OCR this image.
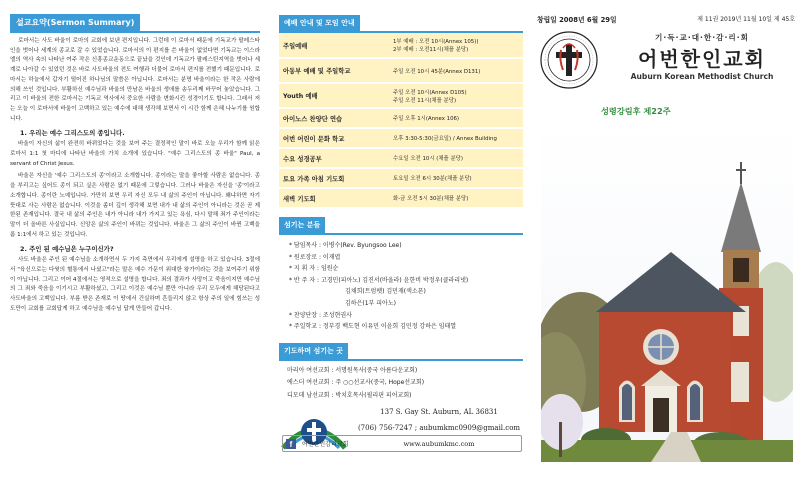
설교요약(Sermon Summary)

로마서는 사도 바울이 로마의 교회에 보낸 편지입니다. 그런데 이 로마서 때문에 기독교가 팔레스타인을 벗어나 세계의 종교로 갈 수 있었습니다. 로마서의 이 편지를 쓴 바울이 없었다면 기독교는 이스라엘의 역사 속의 나타난 여주 작은 신흥종교운동으로 끝났을 것인데 기독교가 팔레스틴지역을 벗어나 세계로 나아갈 수 있었던 것은 바로 사도바울의 전도 여행과 더불어 로마서 편지를 전했기 때문입니다. 로마서는 하늘에서 갑자기 떨어진 하나님의 말씀은 아닙니다. 로마서는 분명 바울이라는 한 작은 사람에 의해 쓰인 것입니다. 부활하신 예수님과 바울의 만남은 바울의 생애를 송두리째 바꾸어 놓았습니다. 그리고 이 바울의 전한 로마서는 기독교 역사에서 중요한 사람을 변화시킨 성경이기도 합니다. 그래서 저는 오늘 이 로마서에 바울이 고백하고 있는 예수에 대해 생각해 보면서 이 시간 함께 은혜 나누기를 원합니다.

1. 우리는 예수 그리스도의 종입니다.

바울이 자신의 삶이 완전히 바뀌었다는 것을 보여 주는 결정적인 말이 바로 오늘 우리가 함께 읽은 로마서 1:1 첫 마디에 나타난 바울의 가치 소개에 있습니다. "예수 그리스도의 종 바울" Paul, a servant of Christ Jesus.

바울은 자신을 '예수 그리스도의 종'이라고 소개합니다. 종이라는 말을 좋아할 사람은 없습니다. 종을 부리고는 싶어도 종이 되고 싶은 사람은 없기 때문에 그렇습니다. 그러나 바울은 자신을 '종'이라고 소개합니다. 종이란 노예입니다. 가만히 보면 우리 자신 모두 내 삶의 주인이 아닙니다. 왜냐하면 자기 뜻대로 사는 사람은 없습니다. 이것을 좀더 깊이 생각해 보면 내가 내 삶의 주인이 아니라는 것은 곧 제한된 존재입니다. 결국 내 삶의 주인은 내가 아니라 내가 가지고 있는 욕심, 다시 말해 죄가 주인이라는 말이 더 올바른 사실입니다. 신앙은 삶의 주인이 바뀌는 것입니다. 바울은 그 삶의 주인이 바뀐 고백을 롬 1:1에서 하고 있는 것입니다.

2. 주인 된 예수님은 누구이신가?

사도 바울은 주인 된 예수님을 소개하면서 두 가지 측면에서 우리에게 설명을 하고 있습니다. 3절에서 "육신으로는 다윗의 혈통에서 나셨고"라는 말은 예수 가문이 위대한 왕가이라는 것을 보여주기 위함이 아닙니다. 그리고 이어 4절에서는 영적으로 설명을 합니다. 죄의 결과가 사망이고 죽음이지만 예수님의 그 죄와 죽음을 이기시고 부활하셨고, 그리고 이것은 예수님 뿐만 아니라 우리 모두에게 해당된다고 사도바울의 고백입니다. 부름 받은 존재로 이 땅에서 건실하며 흔들리지 않고 항상 주의 일에 힘쓰는 성도만이 교회를 교회답게 하고 예수님을 예수님 답게 만들어 갑니다.

예배 안내 및 모임 안내
주일예배	1부 예배 : 오전 10시(Annex 105))
2부 예배 : 오전11시(채플 분당)

아동부 예배 및 주일학교	주일 오전 10시 45분(Annex D131)

Youth 예배	주일 오전 10시(Annex D105)
주일 오전 11시(채플 분당)

아이노스 찬양단 연습	주일 오후 1시(Annex 106)

어번 어린이 문화 학교	오후 3:30-5:30(금요일) / Annex Building

수요 성경공부	수요일 오전 10시 (채플 분당)

토요 가족 아침 기도회	토요일 오전 6시 30분(채플 분당)

새벽 기도회	화-금 오전 5시 30분(채플 분당)
섬기는 분들
* 담임목사 : 이병수(Rev. Byungsoo Lee)
* 원로장로 : 이재엽
* 지 휘 자 : 임원순
* 반 주 자 : 고경민(피아노) 김진서(바올라) 윤한비 박정우(클라리넷)
김채희(트럼펫) 김민재(색소폰)
김하은(1부 피아노)
* 찬양단장 : 조성현권사
* 주일학교 : 정부경 백도현 이유민 이윤희 김민정 강하은 임태열
기도하며 섬기는 곳
마리아 여선교회 : 서명원목사(중국 아름다운교회)
에스더 여선교회 : 주 ○○선교사(중국, Hope선교회)
디모데 남선교회 : 박치호목사(필리핀 피어교회)
137 S. Gay St. Auburn, AL 36831
(706) 756-7247 ; aubumkmc0909@gmail.com
www.aubumkmc.com
f	어번한인감리교회
창립일 2008년 6월 29일	제 11권 2019년 11월 10일 제 45호
기·독·교·대·한·감·리·회
어번한인교회
Auburn Korean Methodist Church
성령강림후 제22주
